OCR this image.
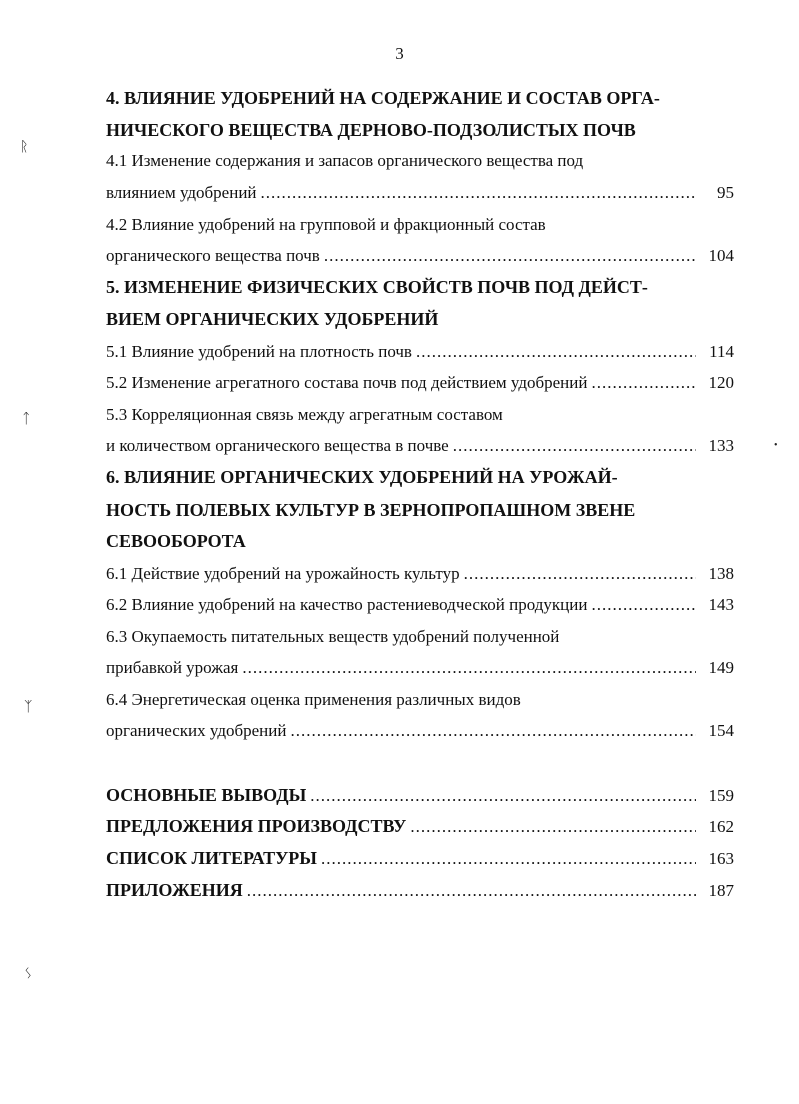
3
4. ВЛИЯНИЕ УДОБРЕНИЙ НА СОДЕРЖАНИЕ И СОСТАВ ОРГА-
НИЧЕСКОГО ВЕЩЕСТВА ДЕРНОВО-ПОДЗОЛИСТЫХ ПОЧВ
4.1 Изменение содержания и запасов органического вещества под
влиянием удобрений .....	95
4.2 Влияние удобрений на групповой и фракционный состав
органического вещества почв .....	104
5. ИЗМЕНЕНИЕ ФИЗИЧЕСКИХ СВОЙСТВ ПОЧВ ПОД ДЕЙСТ-
ВИЕМ ОРГАНИЧЕСКИХ УДОБРЕНИЙ
5.1 Влияние удобрений на плотность почв .....	114
5.2 Изменение агрегатного состава почв под действием удобрений .....	120
5.3 Корреляционная связь между агрегатным составом
и количеством органического вещества в почве .....	133
6. ВЛИЯНИЕ ОРГАНИЧЕСКИХ УДОБРЕНИЙ НА УРОЖАЙ-
НОСТЬ ПОЛЕВЫХ КУЛЬТУР В ЗЕРНОПРОПАШНОМ ЗВЕНЕ
СЕВООБОРОТА
6.1 Действие удобрений на урожайность культур .....	138
6.2 Влияние удобрений на качество растениеводческой продукции .....	143
6.3 Окупаемость питательных веществ удобрений полученной
прибавкой урожая .....	149
6.4 Энергетическая оценка применения различных видов
органических удобрений .....	154
ОСНОВНЫЕ ВЫВОДЫ .....	159
ПРЕДЛОЖЕНИЯ ПРОИЗВОДСТВУ .....	162
СПИСОК ЛИТЕРАТУРЫ .....	163
ПРИЛОЖЕНИЯ .....	187
ᚱ
ᛏ
ᛉ
ᛊ
•
